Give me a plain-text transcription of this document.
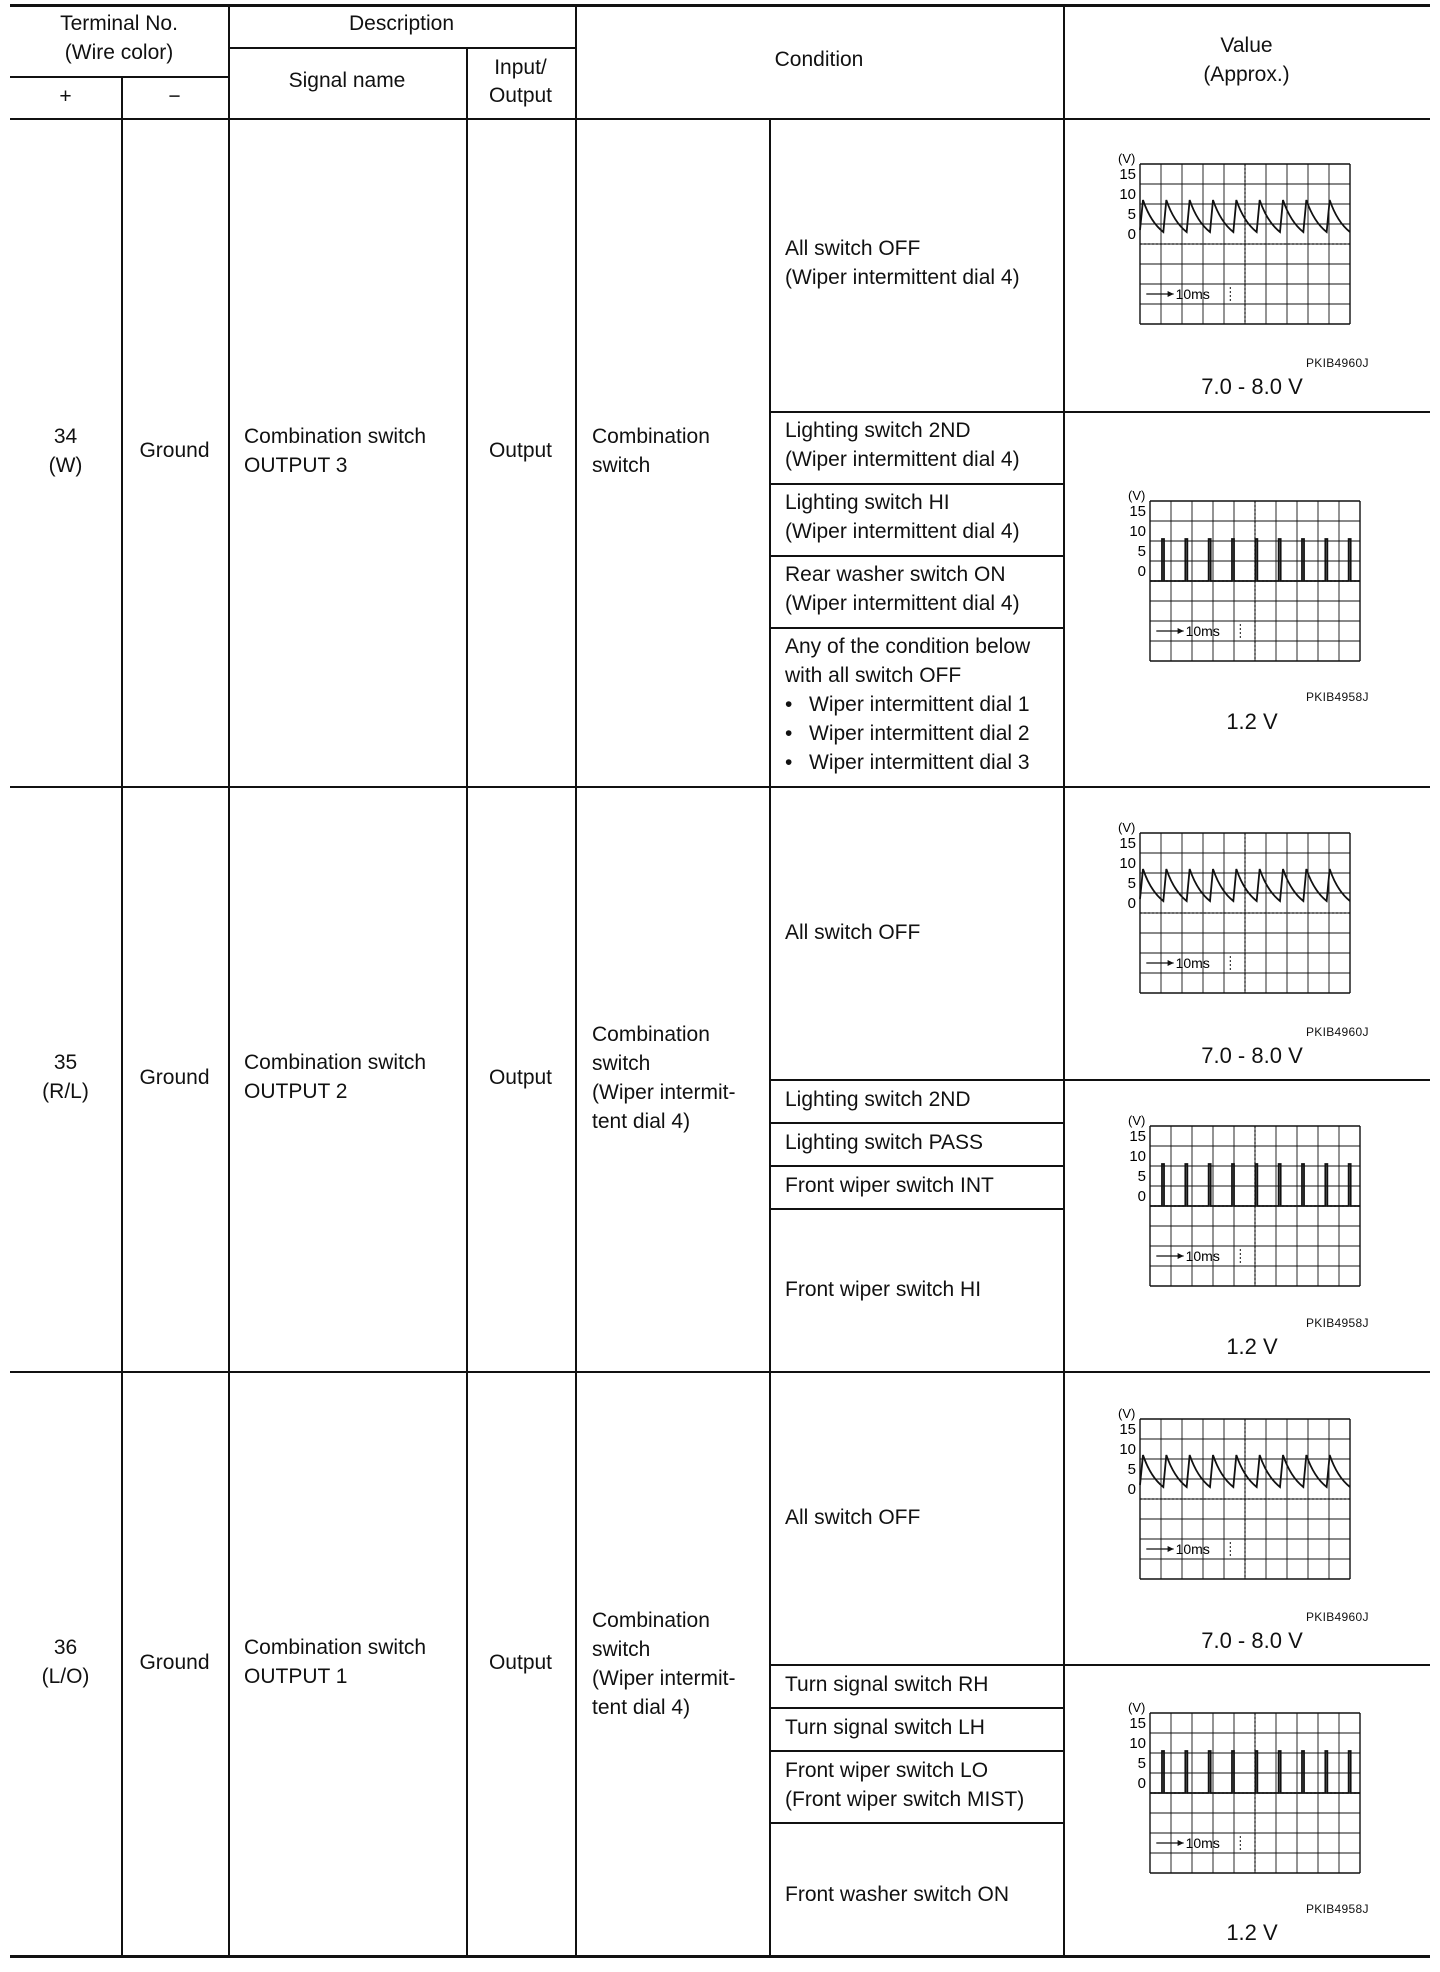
Terminal No.
(Wire color)
+	−
Description
Signal name
Input/
Output
Condition
Value
(Approx.)
34
(W)
Ground
Combination switch
OUTPUT 3
Output
Combination
switch
All switch OFF
(Wiper intermittent dial 4)
Lighting switch 2ND
(Wiper intermittent dial 4)
Lighting switch HI
(Wiper intermittent dial 4)
Rear washer switch ON
(Wiper intermittent dial 4)
Any of the condition below
with all switch OFF
• Wiper intermittent dial 1
• Wiper intermittent dial 2
• Wiper intermittent dial 3
35
(R/L)
Ground
Combination switch
OUTPUT 2
Output
Combination
switch
(Wiper intermit-
tent dial 4)
All switch OFF
Lighting switch 2ND
Lighting switch PASS
Front wiper switch INT
Front wiper switch HI
36
(L/O)
Ground
Combination switch
OUTPUT 1
Output
Combination
switch
(Wiper intermit-
tent dial 4)
All switch OFF
Turn signal switch RH
Turn signal switch LH
Front wiper switch LO
(Front wiper switch MIST)
Front washer switch ON
(V)
15
10
5
0
10ms
PKIB4960J
7.0 - 8.0 V
(V)
15
10
5
0
10ms
PKIB4958J
1.2 V
(V)
15
10
5
0
10ms
PKIB4960J
7.0 - 8.0 V
(V)
15
10
5
0
10ms
PKIB4958J
1.2 V
(V)
15
10
5
0
10ms
PKIB4960J
7.0 - 8.0 V
(V)
15
10
5
0
10ms
PKIB4958J
1.2 V
